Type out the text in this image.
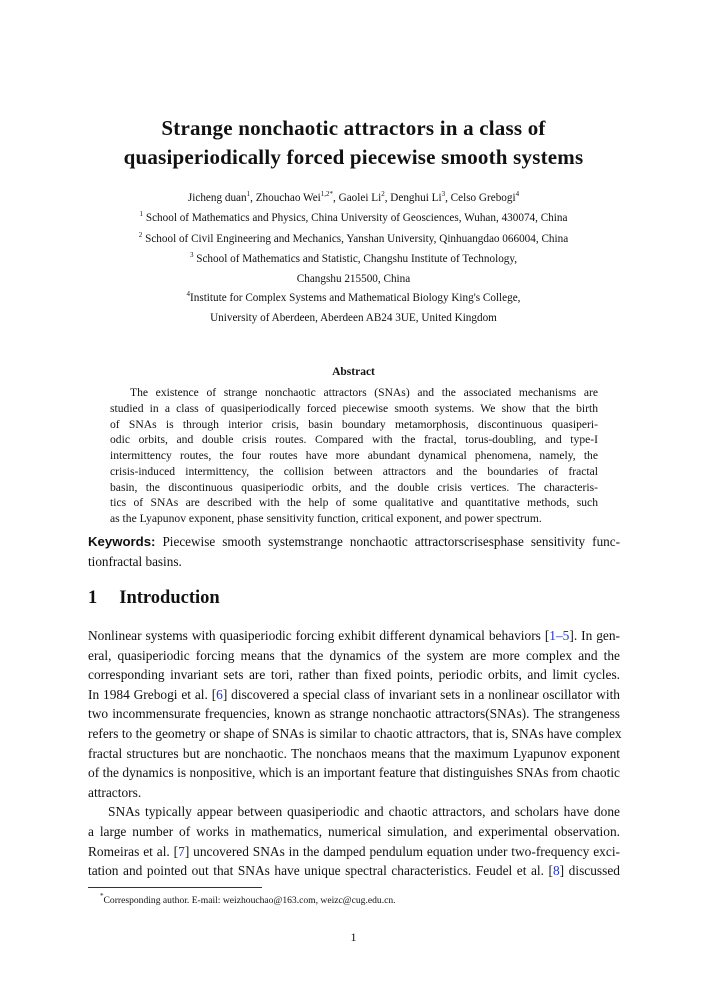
Strange nonchaotic attractors in a class of
quasiperiodically forced piecewise smooth systems
Jicheng duan$^1$, Zhouchao Wei$^{1,2*}$, Gaolei Li$^2$, Denghui Li$^3$, Celso Grebogi$^4$
$^1$ School of Mathematics and Physics, China University of Geosciences, Wuhan, 430074, China
$^2$ School of Civil Engineering and Mechanics, Yanshan University, Qinhuangdao 066004, China
$^3$ School of Mathematics and Statistic, Changshu Institute of Technology,
Changshu 215500, China
$^4$Institute for Complex Systems and Mathematical Biology King's College,
University of Aberdeen, Aberdeen AB24 3UE, United Kingdom
Abstract
The existence of strange nonchaotic attractors (SNAs) and the associated mechanisms are
studied in a class of quasiperiodically forced piecewise smooth systems. We show that the birth
of SNAs is through interior crisis, basin boundary metamorphosis, discontinuous quasiperi-
odic orbits, and double crisis routes. Compared with the fractal, torus-doubling, and type-I
intermittency routes, the four routes have more abundant dynamical phenomena, namely, the
crisis-induced intermittency, the collision between attractors and the boundaries of fractal
basin, the discontinuous quasiperiodic orbits, and the double crisis vertices. The characteris-
tics of SNAs are described with the help of some qualitative and quantitative methods, such
as the Lyapunov exponent, phase sensitivity function, critical exponent, and power spectrum.
Keywords: Piecewise smooth systemstrange nonchaotic attractorscrisesphase sensitivity func-
tionfractal basins.
1 Introduction
Nonlinear systems with quasiperiodic forcing exhibit different dynamical behaviors [1–5]. In gen-
eral, quasiperiodic forcing means that the dynamics of the system are more complex and the
corresponding invariant sets are tori, rather than fixed points, periodic orbits, and limit cycles.
In 1984 Grebogi et al. [6] discovered a special class of invariant sets in a nonlinear oscillator with
two incommensurate frequencies, known as strange nonchaotic attractors(SNAs). The strangeness
refers to the geometry or shape of SNAs is similar to chaotic attractors, that is, SNAs have complex
fractal structures but are nonchaotic. The nonchaos means that the maximum Lyapunov exponent
of the dynamics is nonpositive, which is an important feature that distinguishes SNAs from chaotic
attractors.
SNAs typically appear between quasiperiodic and chaotic attractors, and scholars have done
a large number of works in mathematics, numerical simulation, and experimental observation.
Romeiras et al. [7] uncovered SNAs in the damped pendulum equation under two-frequency exci-
tation and pointed out that SNAs have unique spectral characteristics. Feudel et al. [8] discussed
*Corresponding author. E-mail: weizhouchao@163.com, weizc@cug.edu.cn.
1
